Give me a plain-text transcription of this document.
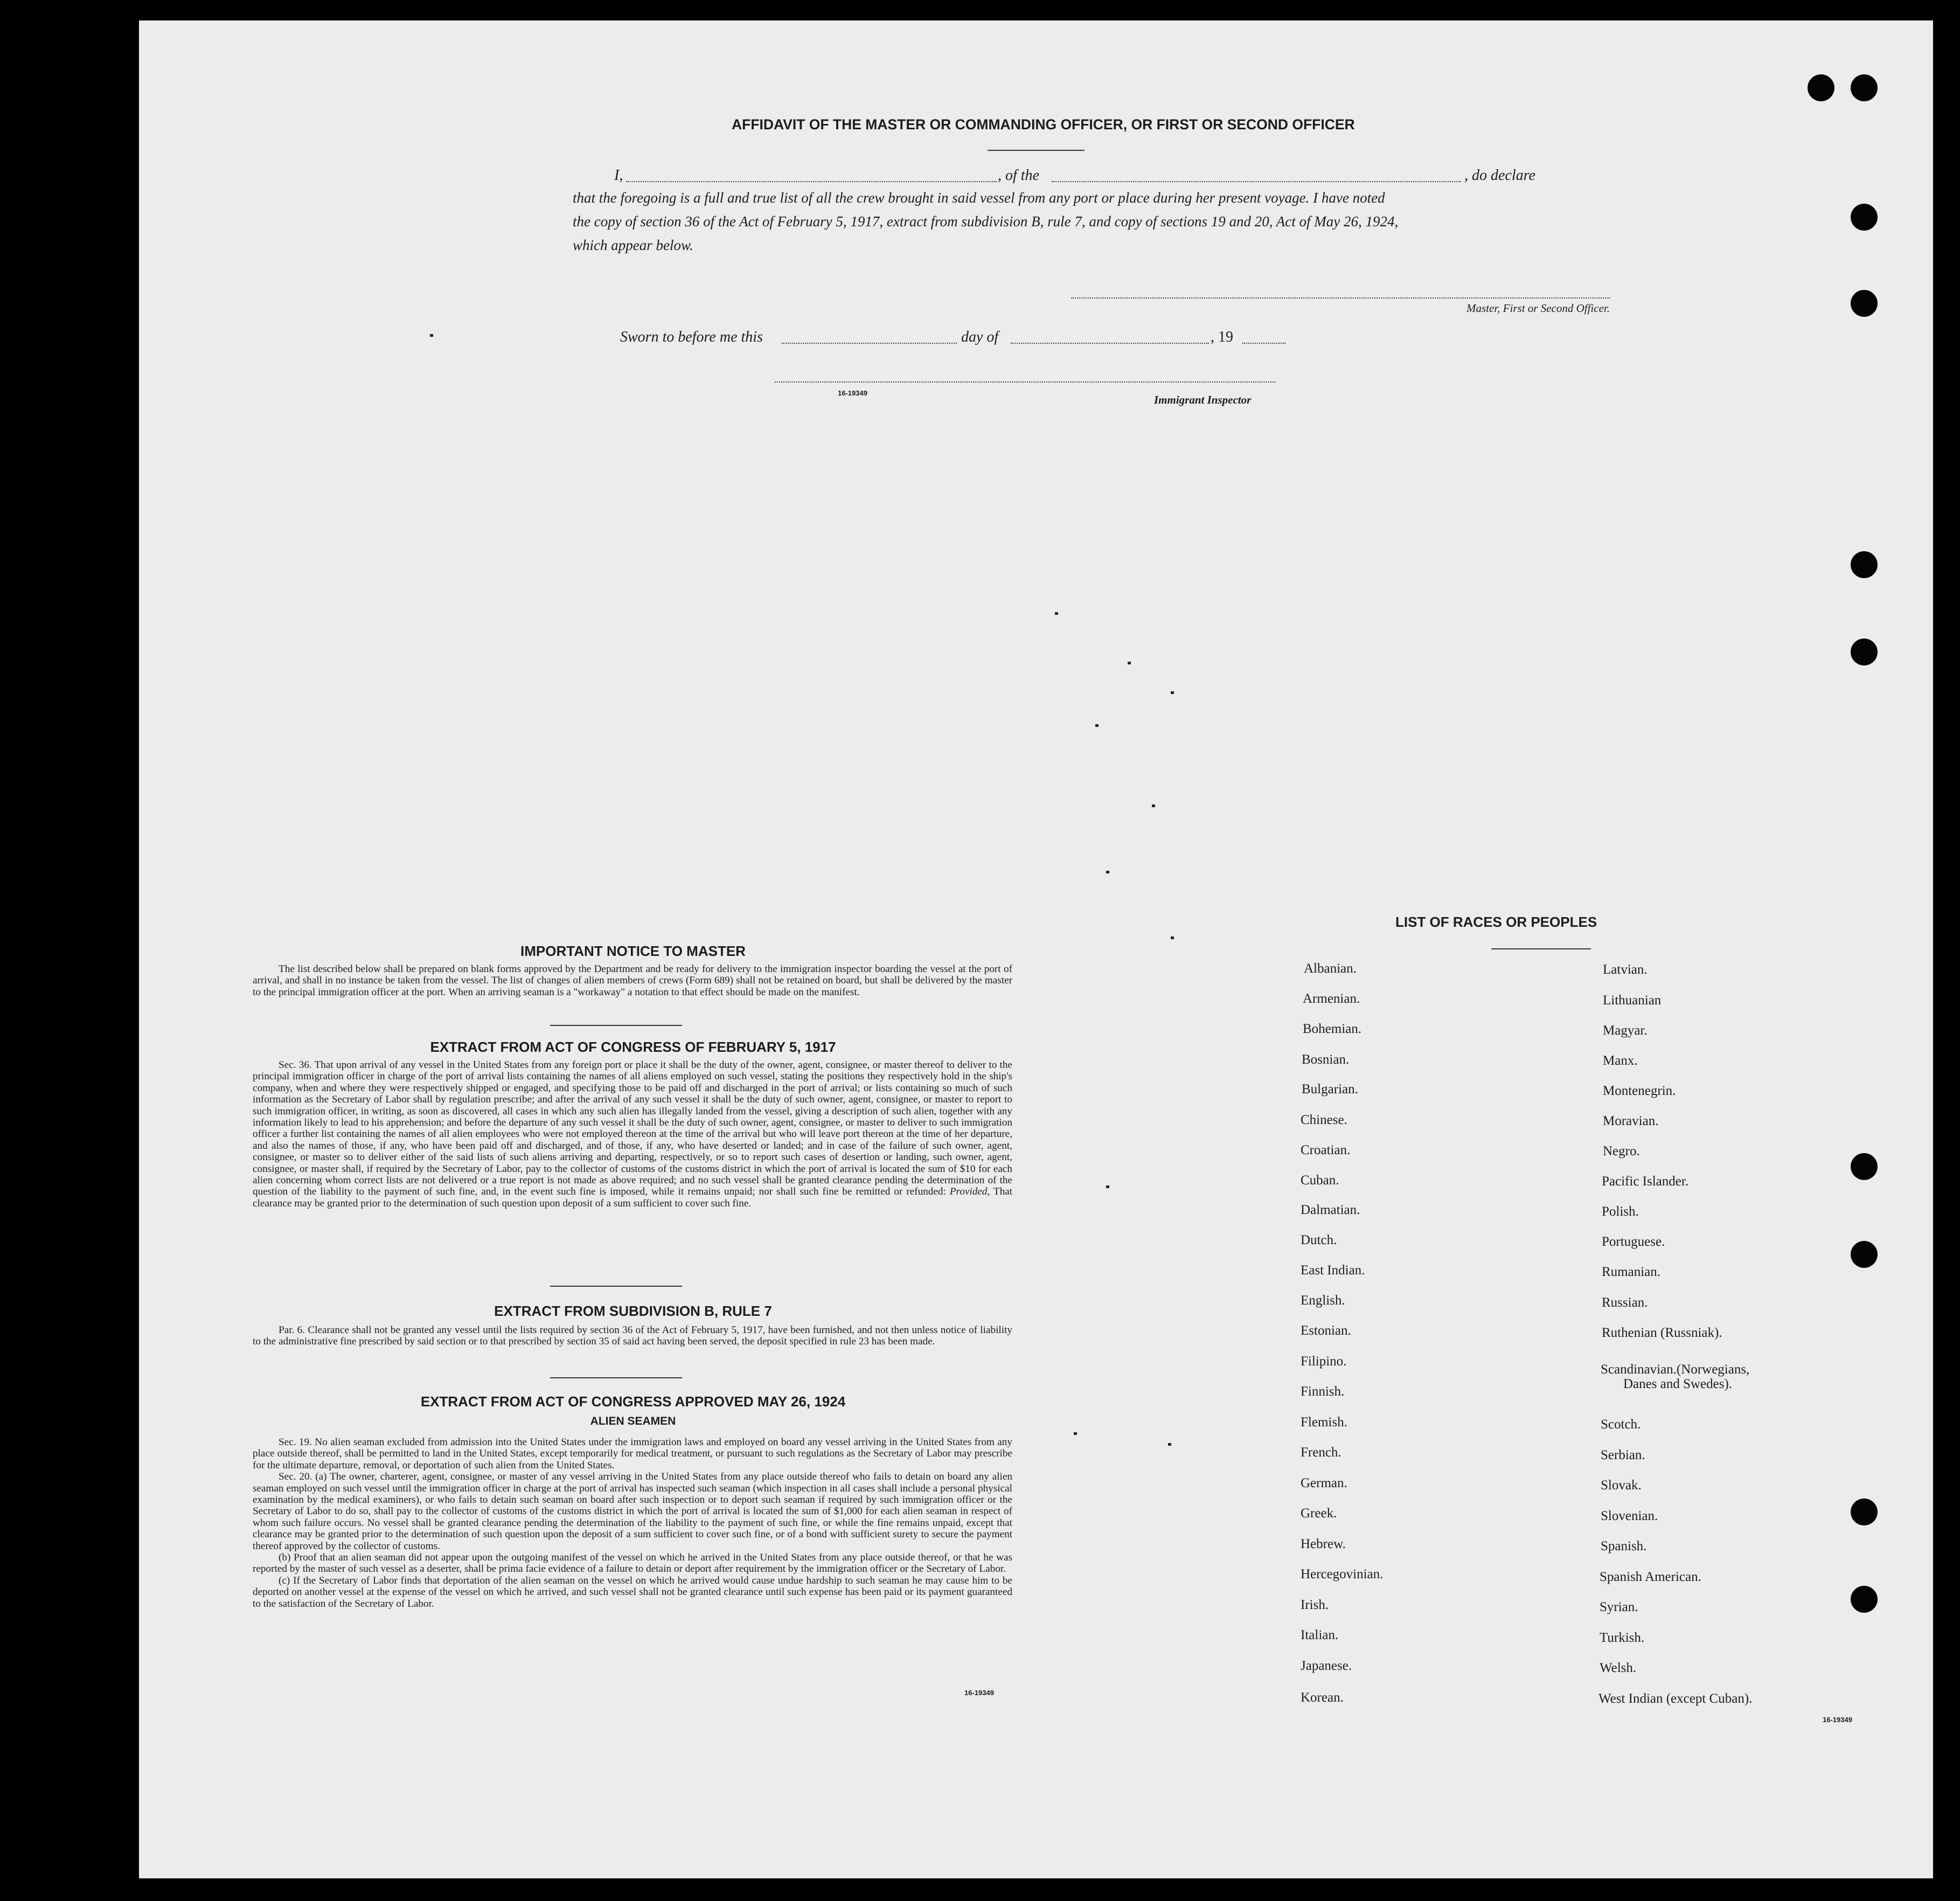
AFFIDAVIT OF THE MASTER OR COMMANDING OFFICER, OR FIRST OR SECOND OFFICER
I,	, of the	, do declare
that the foregoing is a full and true list of all the crew brought in said vessel from any port or place during her present voyage. I have noted
the copy of section 36 of the Act of February 5, 1917, extract from subdivision B, rule 7, and copy of sections 19 and 20, Act of May 26, 1924,
which appear below.
Master, First or Second Officer.
Sworn to before me this	day of	, 19
16-19349
Immigrant Inspector
IMPORTANT NOTICE TO MASTER

The list described below shall be prepared on blank forms approved by the Department and be ready for delivery to the immigration inspector boarding the vessel at the port of arrival, and shall in no instance be taken from the vessel. The list of changes of alien members of crews (Form 689) shall not be retained on board, but shall be delivered by the master to the principal immigration officer at the port. When an arriving seaman is a "workaway" a notation to that effect should be made on the manifest.

EXTRACT FROM ACT OF CONGRESS OF FEBRUARY 5, 1917

Sec. 36. That upon arrival of any vessel in the United States from any foreign port or place it shall be the duty of the owner, agent, consignee, or master thereof to deliver to the principal immigration officer in charge of the port of arrival lists containing the names of all aliens employed on such vessel, stating the positions they respectively hold in the ship's company, when and where they were respectively shipped or engaged, and specifying those to be paid off and discharged in the port of arrival; or lists containing so much of such information as the Secretary of Labor shall by regulation prescribe; and after the arrival of any such vessel it shall be the duty of such owner, agent, consignee, or master to report to such immigration officer, in writing, as soon as discovered, all cases in which any such alien has illegally landed from the vessel, giving a description of such alien, together with any information likely to lead to his apprehension; and before the departure of any such vessel it shall be the duty of such owner, agent, consignee, or master to deliver to such immigration officer a further list containing the names of all alien employees who were not employed thereon at the time of the arrival but who will leave port thereon at the time of her departure, and also the names of those, if any, who have been paid off and discharged, and of those, if any, who have deserted or landed; and in case of the failure of such owner, agent, consignee, or master so to deliver either of the said lists of such aliens arriving and departing, respectively, or so to report such cases of desertion or landing, such owner, agent, consignee, or master shall, if required by the Secretary of Labor, pay to the collector of customs of the customs district in which the port of arrival is located the sum of $10 for each alien concerning whom correct lists are not delivered or a true report is not made as above required; and no such vessel shall be granted clearance pending the determination of the question of the liability to the payment of such fine, and, in the event such fine is imposed, while it remains unpaid; nor shall such fine be remitted or refunded: Provided, That clearance may be granted prior to the determination of such question upon deposit of a sum sufficient to cover such fine.

EXTRACT FROM SUBDIVISION B, RULE 7

Par. 6. Clearance shall not be granted any vessel until the lists required by section 36 of the Act of February 5, 1917, have been furnished, and not then unless notice of liability to the administrative fine prescribed by said section or to that prescribed by section 35 of said act having been served, the deposit specified in rule 23 has been made.

EXTRACT FROM ACT OF CONGRESS APPROVED MAY 26, 1924
ALIEN SEAMEN

Sec. 19. No alien seaman excluded from admission into the United States under the immigration laws and employed on board any vessel arriving in the United States from any place outside thereof, shall be permitted to land in the United States, except temporarily for medical treatment, or pursuant to such regulations as the Secretary of Labor may prescribe for the ultimate departure, removal, or deportation of such alien from the United States.

Sec. 20. (a) The owner, charterer, agent, consignee, or master of any vessel arriving in the United States from any place outside thereof who fails to detain on board any alien seaman employed on such vessel until the immigration officer in charge at the port of arrival has inspected such seaman (which inspection in all cases shall include a personal physical examination by the medical examiners), or who fails to detain such seaman on board after such inspection or to deport such seaman if required by such immigration officer or the Secretary of Labor to do so, shall pay to the collector of customs of the customs district in which the port of arrival is located the sum of $1,000 for each alien seaman in respect of whom such failure occurs. No vessel shall be granted clearance pending the determination of the liability to the payment of such fine, or while the fine remains unpaid, except that clearance may be granted prior to the determination of such question upon the deposit of a sum sufficient to cover such fine, or of a bond with sufficient surety to secure the payment thereof approved by the collector of customs.

(b) Proof that an alien seaman did not appear upon the outgoing manifest of the vessel on which he arrived in the United States from any place outside thereof, or that he was reported by the master of such vessel as a deserter, shall be prima facie evidence of a failure to detain or deport after requirement by the immigration officer or the Secretary of Labor.

(c) If the Secretary of Labor finds that deportation of the alien seaman on the vessel on which he arrived would cause undue hardship to such seaman he may cause him to be deported on another vessel at the expense of the vessel on which he arrived, and such vessel shall not be granted clearance until such expense has been paid or its payment guaranteed to the satisfaction of the Secretary of Labor.

16-19349
LIST OF RACES OR PEOPLES
Albanian.
Armenian.
Bohemian.
Bosnian.
Bulgarian.
Chinese.
Croatian.
Cuban.
Dalmatian.
Dutch.
East Indian.
English.
Estonian.
Filipino.
Finnish.
Flemish.
French.
German.
Greek.
Hebrew.
Hercegovinian.
Irish.
Italian.
Japanese.
Korean.
Latvian.
Lithuanian
Magyar.
Manx.
Montenegrin.
Moravian.
Negro.
Pacific Islander.
Polish.
Portuguese.
Rumanian.
Russian.
Ruthenian (Russniak).
Scandinavian.(Norwegians,
Danes and Swedes).
Scotch.
Serbian.
Slovak.
Slovenian.
Spanish.
Spanish American.
Syrian.
Turkish.
Welsh.
West Indian (except Cuban).
16-19349
